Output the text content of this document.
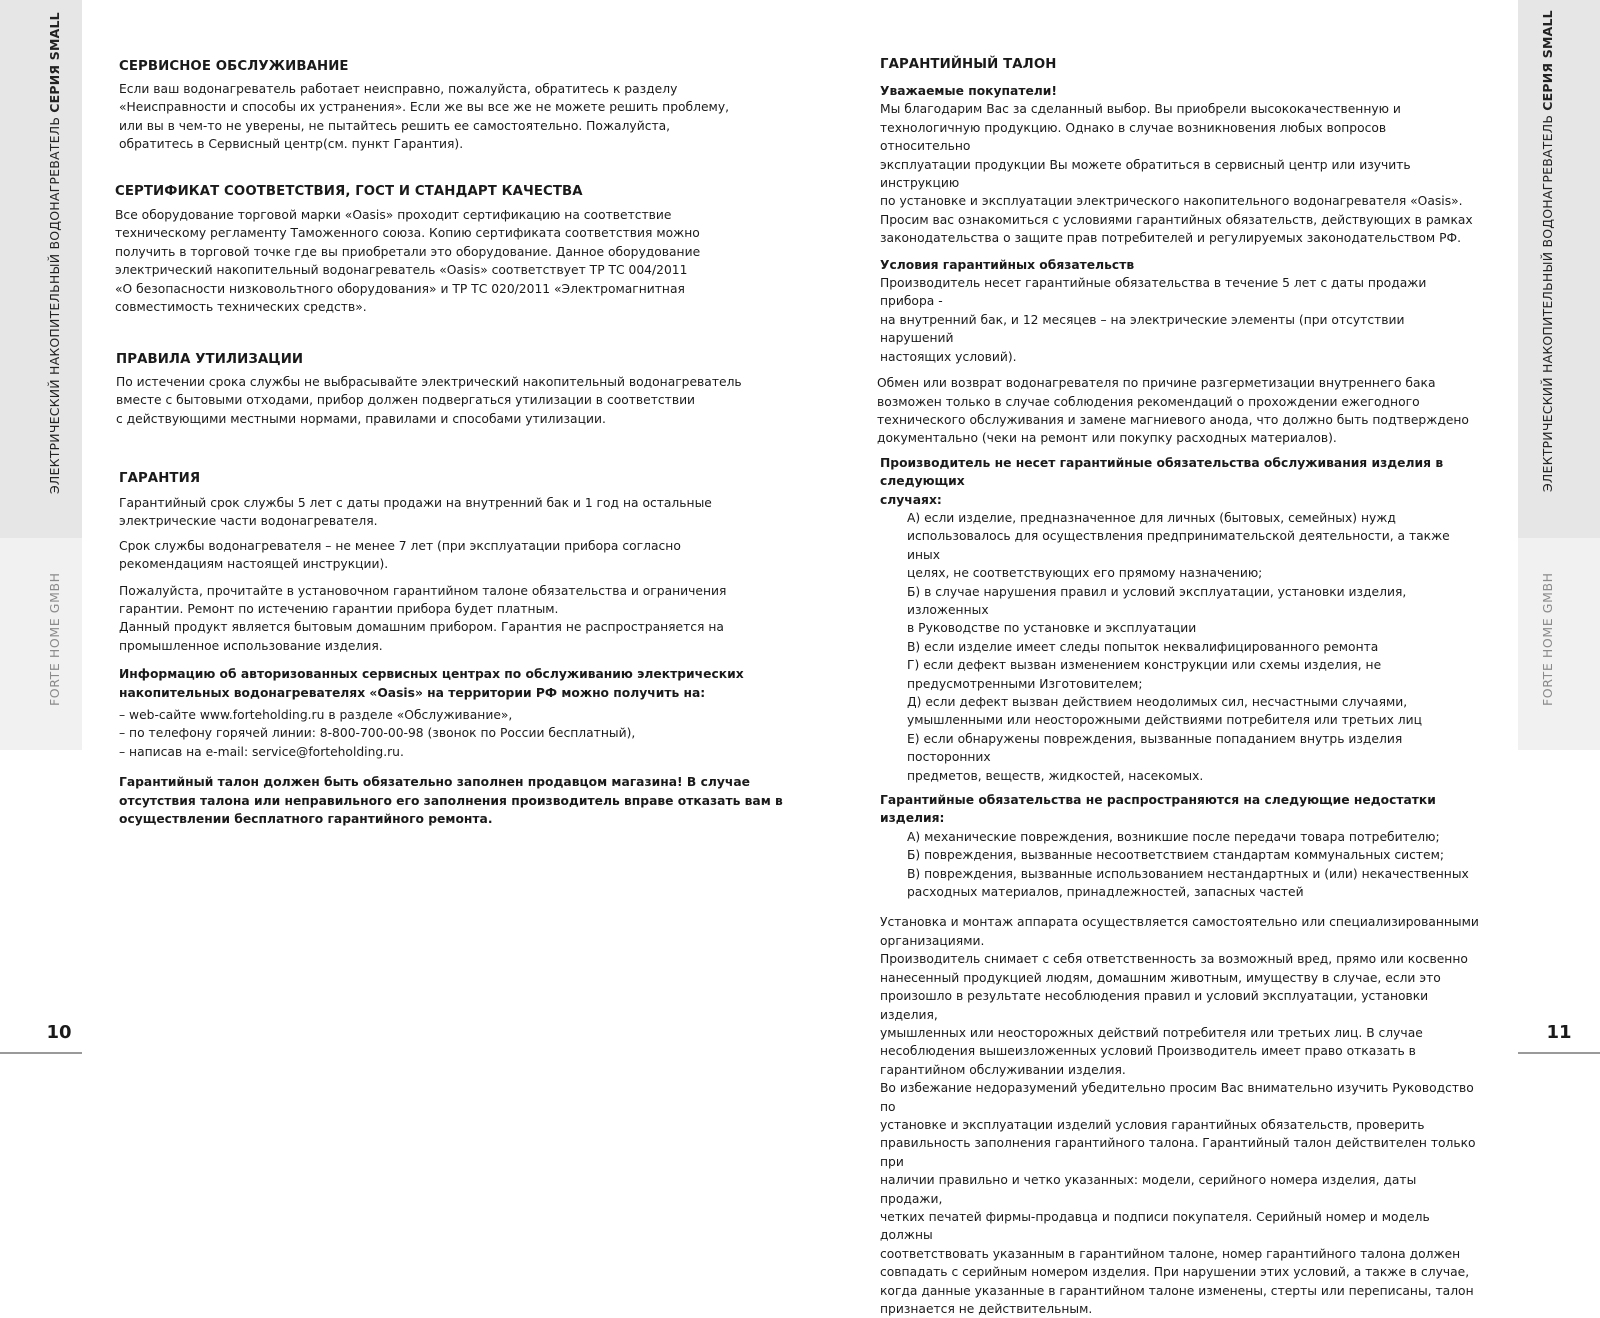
ЭЛЕКТРИЧЕСКИЙ НАКОПИТЕЛЬНЫЙ ВОДОНАГРЕВАТЕЛЬ СЕРИЯ SMALL
FORTE HOME GMBH
10
ЭЛЕКТРИЧЕСКИЙ НАКОПИТЕЛЬНЫЙ ВОДОНАГРЕВАТЕЛЬ СЕРИЯ SMALL
FORTE HOME GMBH
11
СЕРВИСНОЕ ОБСЛУЖИВАНИЕ
Если ваш водонагреватель работает неисправно, пожалуйста, обратитесь к разделу
«Неисправности и способы их устранения». Если же вы все же не можете решить проблему,
или вы в чем-то не уверены, не пытайтесь решить ее самостоятельно. Пожалуйста,
обратитесь в Сервисный центр(см. пункт Гарантия).
СЕРТИФИКАТ СООТВЕТСТВИЯ, ГОСТ И СТАНДАРТ КАЧЕСТВА
Все оборудование торговой марки «Oasis» проходит сертификацию на соответствие
техническому регламенту Таможенного союза. Копию сертификата соответствия можно
получить в торговой точке где вы приобретали это оборудование. Данное оборудование
электрический накопительный водонагреватель «Oasis» соответствует ТР ТС 004/2011
«О безопасности низковольтного оборудования» и ТР ТС 020/2011 «Электромагнитная
совместимость технических средств».
ПРАВИЛА УТИЛИЗАЦИИ
По истечении срока службы не выбрасывайте электрический накопительный водонагреватель
вместе с бытовыми отходами, прибор должен подвергаться утилизации в соответствии
с действующими местными нормами, правилами и способами утилизации.
ГАРАНТИЯ
Гарантийный срок службы 5 лет с даты продажи на внутренний бак и 1 год на остальные
электрические части водонагревателя.
Срок службы водонагревателя – не менее 7 лет (при эксплуатации прибора согласно
рекомендациям настоящей инструкции).
Пожалуйста, прочитайте в установочном гарантийном талоне обязательства и ограничения
гарантии. Ремонт по истечению гарантии прибора будет платным.
Данный продукт является бытовым домашним прибором. Гарантия не распространяется на
промышленное использование изделия.
Информацию об авторизованных сервисных центрах по обслуживанию электрических
накопительных водонагревателях «Oasis» на территории РФ можно получить на:
– web-сайте www.forteholding.ru в разделе «Обслуживание»,
– по телефону горячей линии: 8-800-700-00-98 (звонок по России бесплатный),
– написав на e-mail: service@forteholding.ru.
Гарантийный талон должен быть обязательно заполнен продавцом магазина! В случае
отсутствия талона или неправильного его заполнения производитель вправе отказать вам в
осуществлении бесплатного гарантийного ремонта.
ГАРАНТИЙНЫЙ ТАЛОН

Уважаемые покупатели!

Мы благодарим Вас за сделанный выбор. Вы приобрели высококачественную и
технологичную продукцию. Однако в случае возникновения любых вопросов относительно
эксплуатации продукции Вы можете обратиться в сервисный центр или изучить инструкцию
по установке и эксплуатации электрического накопительного водонагревателя «Oasis».
Просим вас ознакомиться с условиями гарантийных обязательств, действующих в рамках
законодательства о защите прав потребителей и регулируемых законодательством РФ.

Условия гарантийных обязательств

Производитель несет гарантийные обязательства в течение 5 лет с даты продажи прибора -
на внутренний бак, и 12 месяцев – на электрические элементы (при отсутствии нарушений
настоящих условий).
Обмен или возврат водонагревателя по причине разгерметизации внутреннего бака
возможен только в случае соблюдения рекомендаций о прохождении ежегодного
технического обслуживания и замене магниевого анода, что должно быть подтверждено
документально (чеки на ремонт или покупку расходных материалов).
Производитель не несет гарантийные обязательства обслуживания изделия в следующих
случаях:
А) если изделие, предназначенное для личных (бытовых, семейных) нужд
использовалось для осуществления предпринимательской деятельности, а также иных
целях, не соответствующих его прямому назначению;
Б) в случае нарушения правил и условий эксплуатации, установки изделия, изложенных
в Руководстве по установке и эксплуатации
В) если изделие имеет следы попыток неквалифицированного ремонта
Г) если дефект вызван изменением конструкции или схемы изделия, не
предусмотренными Изготовителем;
Д) если дефект вызван действием неодолимых сил, несчастными случаями,
умышленными или неосторожными действиями потребителя или третьих лиц
Е) если обнаружены повреждения, вызванные попаданием внутрь изделия посторонних
предметов, веществ, жидкостей, насекомых.

Гарантийные обязательства не распространяются на следующие недостатки изделия:

А) механические повреждения, возникшие после передачи товара потребителю;
Б) повреждения, вызванные несоответствием стандартам коммунальных систем;
В) повреждения, вызванные использованием нестандартных и (или) некачественных
расходных материалов, принадлежностей, запасных частей
Установка и монтаж аппарата осуществляется самостоятельно или специализированными
организациями.
Производитель снимает с себя ответственность за возможный вред, прямо или косвенно
нанесенный продукцией людям, домашним животным, имуществу в случае, если это
произошло в результате несоблюдения правил и условий эксплуатации, установки изделия,
умышленных или неосторожных действий потребителя или третьих лиц. В случае
несоблюдения вышеизложенных условий Производитель имеет право отказать в
гарантийном обслуживании изделия.
Во избежание недоразумений убедительно просим Вас внимательно изучить Руководство по
установке и эксплуатации изделий условия гарантийных обязательств, проверить
правильность заполнения гарантийного талона. Гарантийный талон действителен только при
наличии правильно и четко указанных: модели, серийного номера изделия, даты продажи,
четких печатей фирмы-продавца и подписи покупателя. Серийный номер и модель должны
соответствовать указанным в гарантийном талоне, номер гарантийного талона должен
совпадать с серийным номером изделия. При нарушении этих условий, а также в случае,
когда данные указанные в гарантийном талоне изменены, стерты или переписаны, талон
признается не действительным.
